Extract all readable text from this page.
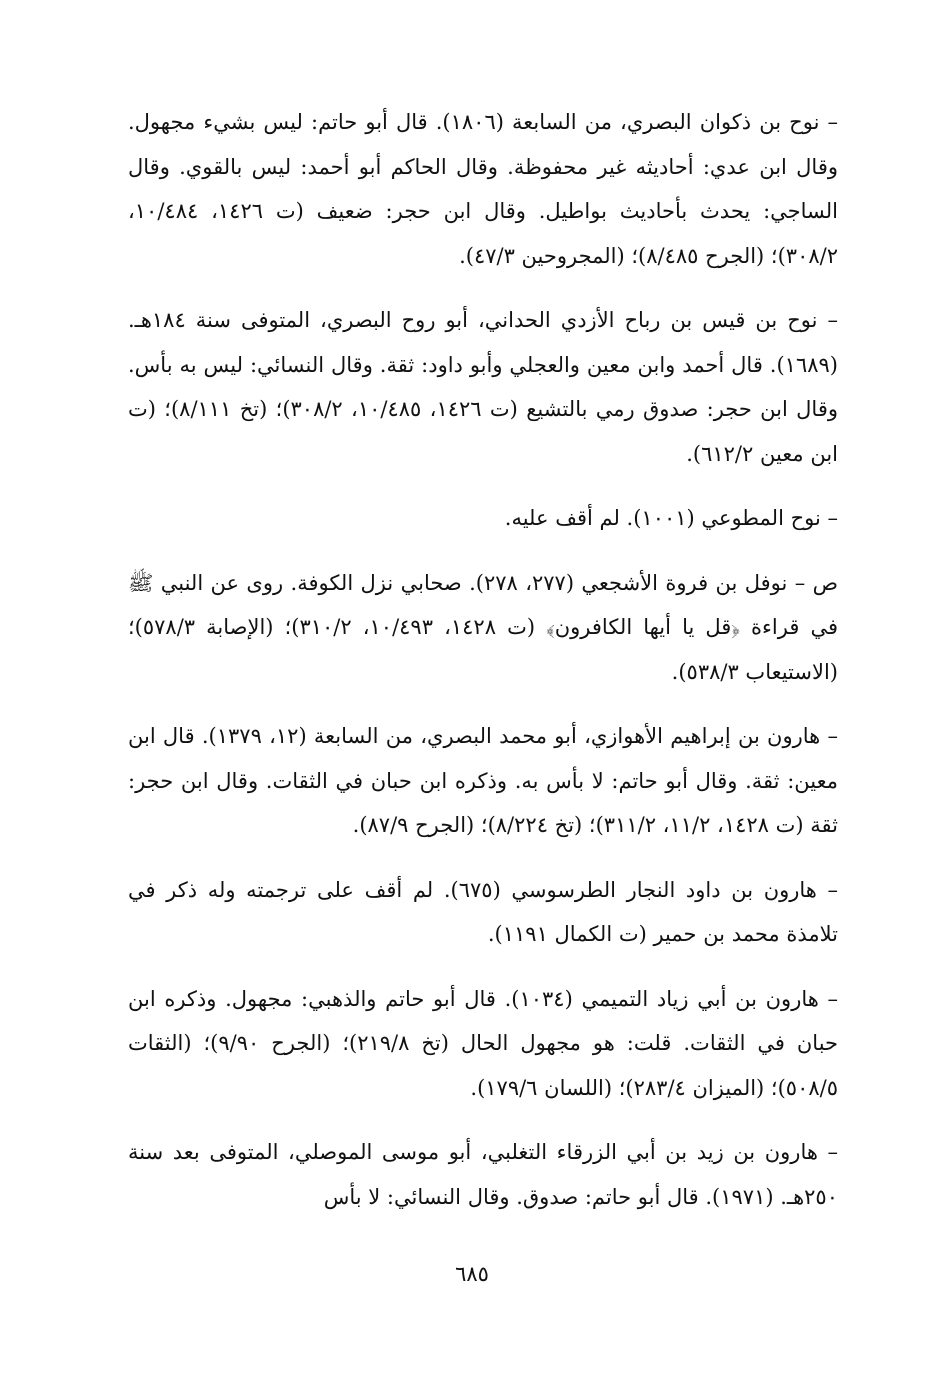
– نوح بن ذكوان البصري، من السابعة (١٨٠٦). قال أبو حاتم: ليس بشيء مجهول. وقال ابن عدي: أحاديثه غير محفوظة. وقال الحاكم أبو أحمد: ليس بالقوي. وقال الساجي: يحدث بأحاديث بواطيل. وقال ابن حجر: ضعيف (ت ١٤٢٦، ١٠/٤٨٤، ٣٠٨/٢)؛ (الجرح ٨/٤٨٥)؛ (المجروحين ٤٧/٣).

– نوح بن قيس بن رباح الأزدي الحداني، أبو روح البصري، المتوفى سنة ١٨٤هـ. (١٦٨٩). قال أحمد وابن معين والعجلي وأبو داود: ثقة. وقال النسائي: ليس به بأس. وقال ابن حجر: صدوق رمي بالتشيع (ت ١٤٢٦، ١٠/٤٨٥، ٣٠٨/٢)؛ (تخ ٨/١١١)؛ (ت ابن معين ٦١٢/٢).

– نوح المطوعي (١٠٠١). لم أقف عليه.

ص – نوفل بن فروة الأشجعي (٢٧٧، ٢٧٨). صحابي نزل الكوفة. روى عن النبي ﷺ في قراءة ﴿قل يا أيها الكافرون﴾ (ت ١٤٢٨، ١٠/٤٩٣، ٣١٠/٢)؛ (الإصابة ٥٧٨/٣)؛ (الاستيعاب ٥٣٨/٣).

– هارون بن إبراهيم الأهوازي، أبو محمد البصري، من السابعة (١٢، ١٣٧٩). قال ابن معين: ثقة. وقال أبو حاتم: لا بأس به. وذكره ابن حبان في الثقات. وقال ابن حجر: ثقة (ت ١٤٢٨، ١١/٢، ٣١١/٢)؛ (تخ ٨/٢٢٤)؛ (الجرح ٨٧/٩).

– هارون بن داود النجار الطرسوسي (٦٧٥). لم أقف على ترجمته وله ذكر في تلامذة محمد بن حمير (ت الكمال ١١٩١).

– هارون بن أبي زياد التميمي (١٠٣٤). قال أبو حاتم والذهبي: مجهول. وذكره ابن حبان في الثقات. قلت: هو مجهول الحال (تخ ٢١٩/٨)؛ (الجرح ٩/٩٠)؛ (الثقات ٥٠٨/٥)؛ (الميزان ٢٨٣/٤)؛ (اللسان ١٧٩/٦).

– هارون بن زيد بن أبي الزرقاء التغلبي، أبو موسى الموصلي، المتوفى بعد سنة ٢٥٠هـ. (١٩٧١). قال أبو حاتم: صدوق. وقال النسائي: لا بأس

٦٨٥
